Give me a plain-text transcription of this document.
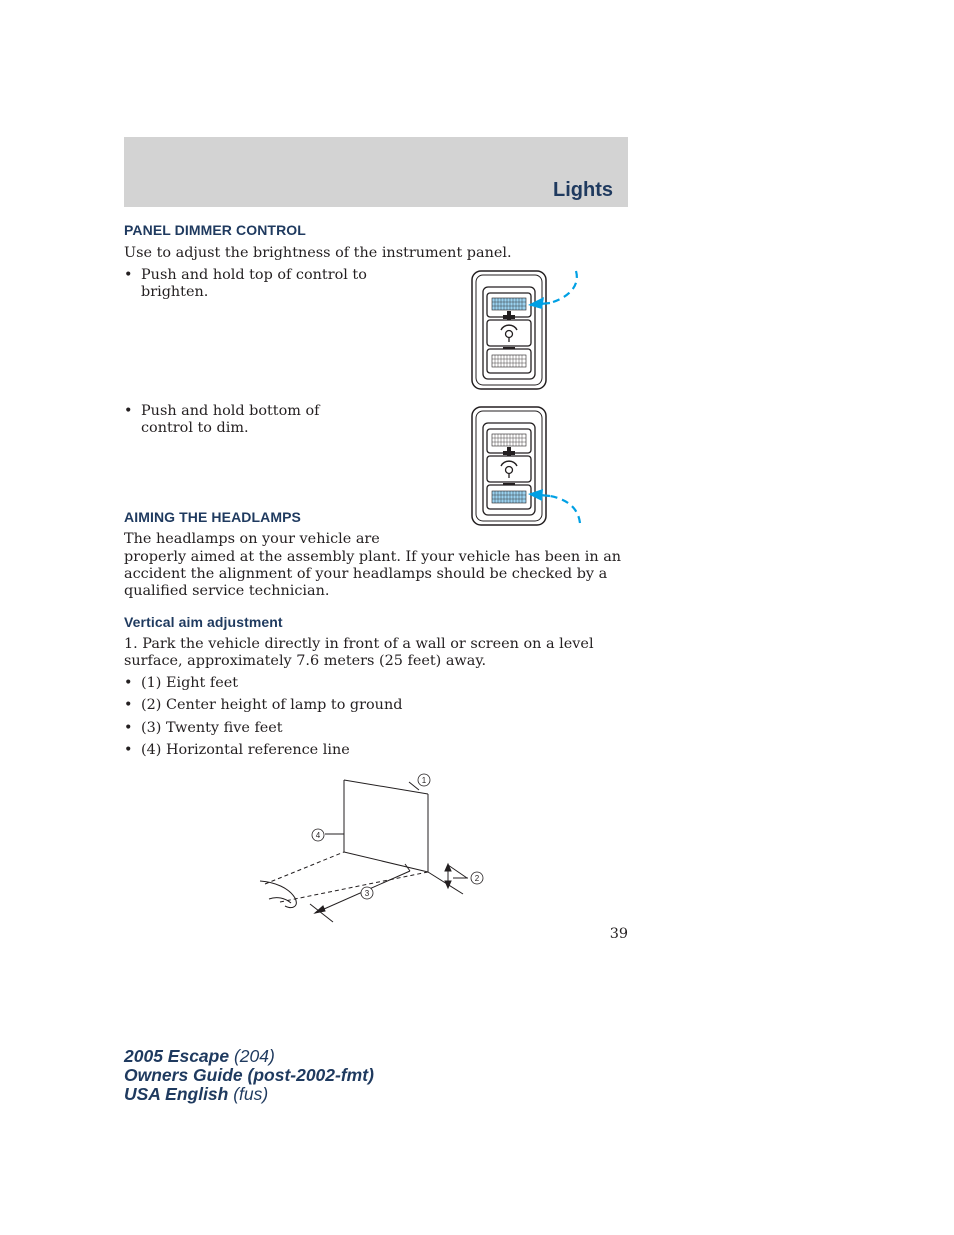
Lights
PANEL DIMMER CONTROL

Use to adjust the brightness of the instrument panel.

• Push and hold top of control to brighten.
• Push and hold bottom of control to dim.
AIMING THE HEADLAMPS

The headlamps on your vehicle are

properly aimed at the assembly plant. If your vehicle has been in an accident the alignment of your headlamps should be checked by a qualified service technician.

Vertical aim adjustment

1. Park the vehicle directly in front of a wall or screen on a level surface, approximately 7.6 meters (25 feet) away.

• (1) Eight feet
• (2) Center height of lamp to ground
• (3) Twenty five feet
• (4) Horizontal reference line
1
4
2
3
39
2005 Escape (204)
Owners Guide (post-2002-fmt)
USA English (fus)
